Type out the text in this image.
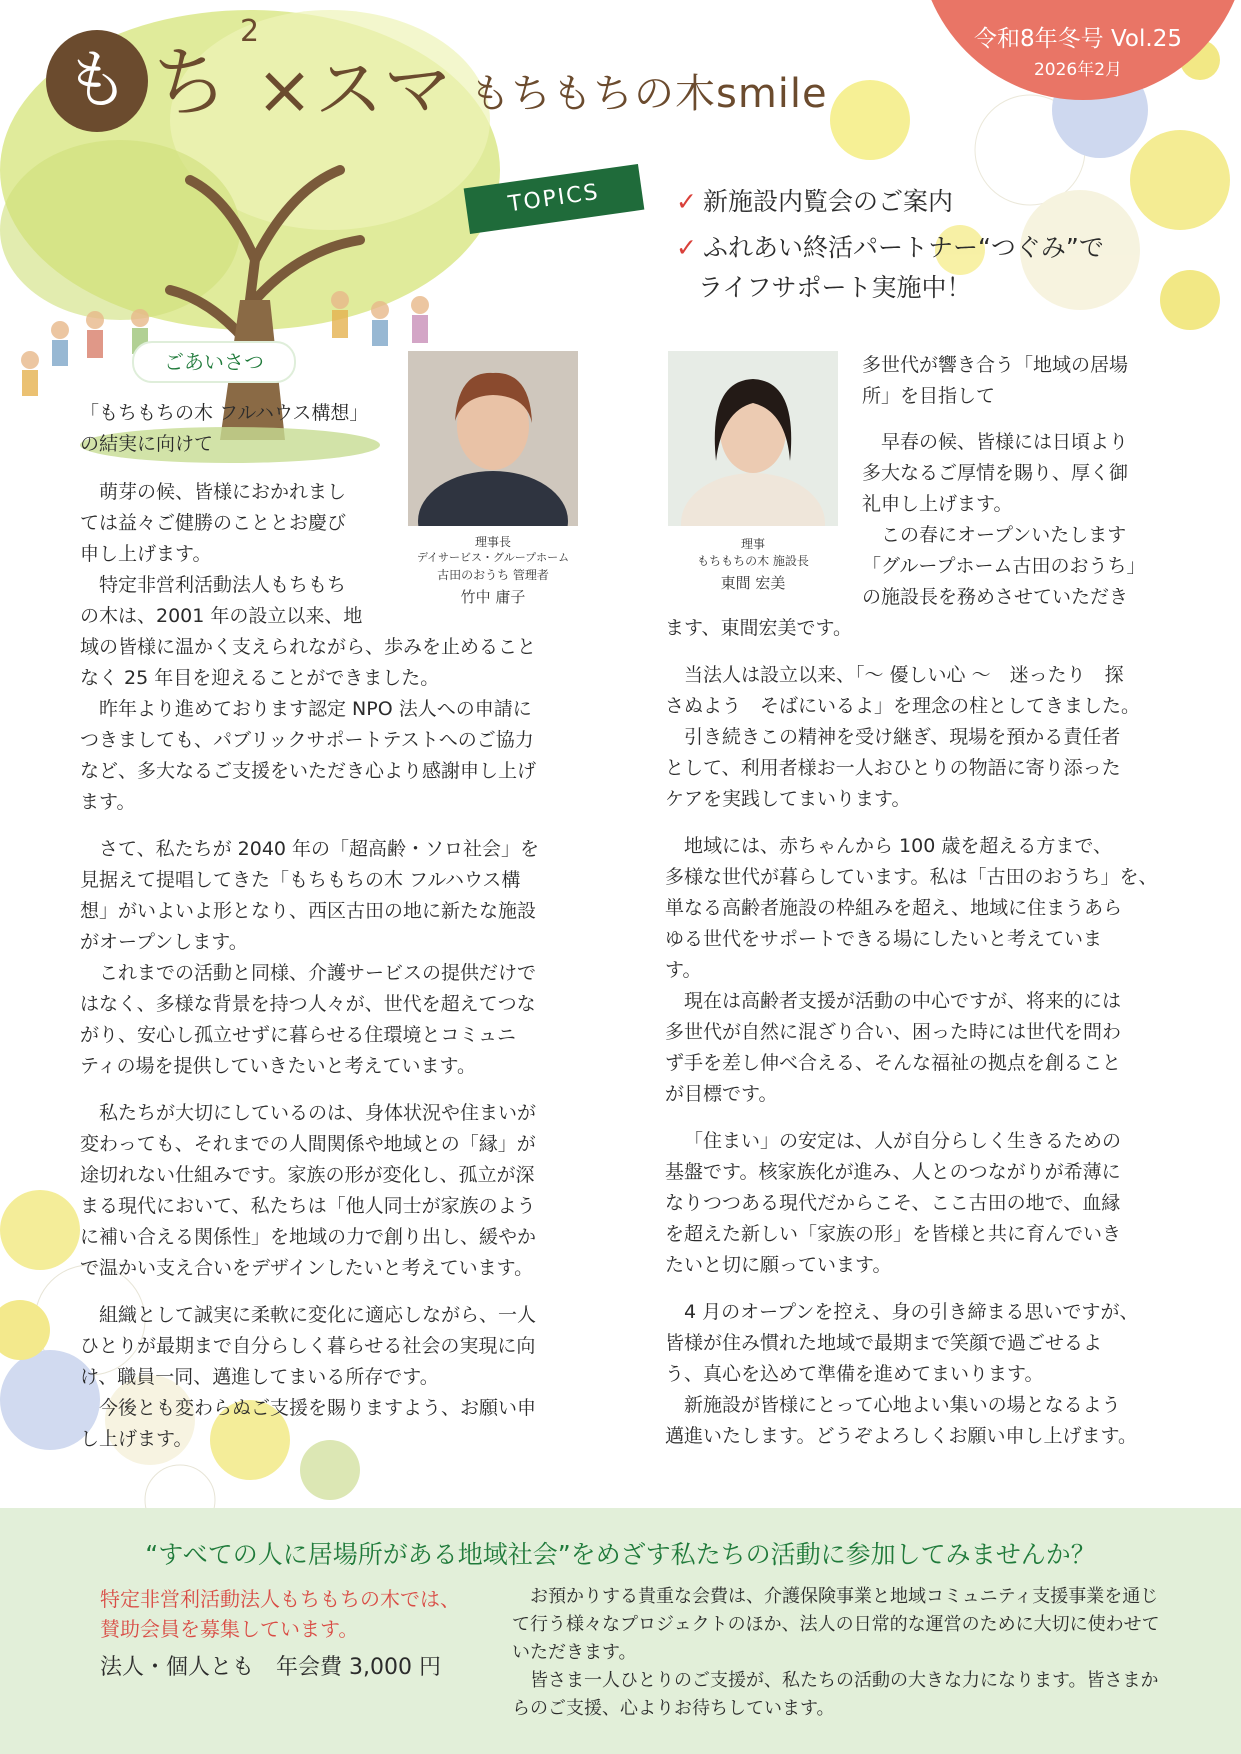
も ち
2
×スマ もちもちの木smile
令和8年冬号 Vol.25
2026年2月
TOPICS	✓ 新施設内覧会のご案内
✓ ふれあい終活パートナー“つぐみ”で
ライフサポート実施中！
ごあいさつ
理事長
デイサービス・グループホーム
古田のおうち 管理者
竹中 庸子

「もちもちの木 フルハウス構想」

の結実に向けて

萌芽の候、皆様におかれまし

ては益々ご健勝のこととお慶び

申し上げます。

特定非営利活動法人もちもち

の木は、2001 年の設立以来、地

域の皆様に温かく支えられながら、歩みを止めること

なく 25 年目を迎えることができました。

昨年より進めております認定 NPO 法人への申請に

つきましても、パブリックサポートテストへのご協力

など、多大なるご支援をいただき心より感謝申し上げ

ます。

さて、私たちが 2040 年の「超高齢・ソロ社会」を

見据えて提唱してきた「もちもちの木 フルハウス構

想」がいよいよ形となり、西区古田の地に新たな施設

がオープンします。

これまでの活動と同様、介護サービスの提供だけで

はなく、多様な背景を持つ人々が、世代を超えてつな

がり、安心し孤立せずに暮らせる住環境とコミュニ

ティの場を提供していきたいと考えています。

私たちが大切にしているのは、身体状況や住まいが

変わっても、それまでの人間関係や地域との「縁」が

途切れない仕組みです。家族の形が変化し、孤立が深

まる現代において、私たちは「他人同士が家族のよう

に補い合える関係性」を地域の力で創り出し、緩やか

で温かい支え合いをデザインしたいと考えています。

組織として誠実に柔軟に変化に適応しながら、一人

ひとりが最期まで自分らしく暮らせる社会の実現に向

け、職員一同、邁進してまいる所存です。

今後とも変わらぬご支援を賜りますよう、お願い申

し上げます。

理事
もちもちの木 施設長
東間 宏美

多世代が響き合う「地域の居場

所」を目指して

早春の候、皆様には日頃より

多大なるご厚情を賜り、厚く御

礼申し上げます。

この春にオープンいたします

「グループホーム古田のおうち」

の施設長を務めさせていただき

ます、東間宏美です。

当法人は設立以来、「～ 優しい心 ～　迷ったり　探

さぬよう　そばにいるよ」を理念の柱としてきました。

引き続きこの精神を受け継ぎ、現場を預かる責任者

として、利用者様お一人おひとりの物語に寄り添った

ケアを実践してまいります。

地域には、赤ちゃんから 100 歳を超える方まで、

多様な世代が暮らしています。私は「古田のおうち」を、

単なる高齢者施設の枠組みを超え、地域に住まうあら

ゆる世代をサポートできる場にしたいと考えていま

す。

現在は高齢者支援が活動の中心ですが、将来的には

多世代が自然に混ざり合い、困った時には世代を問わ

ず手を差し伸べ合える、そんな福祉の拠点を創ること

が目標です。

「住まい」の安定は、人が自分らしく生きるための

基盤です。核家族化が進み、人とのつながりが希薄に

なりつつある現代だからこそ、ここ古田の地で、血縁

を超えた新しい「家族の形」を皆様と共に育んでいき

たいと切に願っています。

4 月のオープンを控え、身の引き締まる思いですが、

皆様が住み慣れた地域で最期まで笑顔で過ごせるよ

う、真心を込めて準備を進めてまいります。

新施設が皆様にとって心地よい集いの場となるよう

邁進いたします。どうぞよろしくお願い申し上げます。

“すべての人に居場所がある地域社会”をめざす私たちの活動に参加してみませんか？
特定非営利活動法人もちもちの木では、
賛助会員を募集しています。
法人・個人とも　年会費 3,000 円

お預かりする貴重な会費は、介護保険事業と地域コミュニティ支援事業を通じて行う様々なプロジェクトのほか、法人の日常的な運営のために大切に使わせていただきます。

皆さま一人ひとりのご支援が、私たちの活動の大きな力になります。皆さまからのご支援、心よりお待ちしています。
